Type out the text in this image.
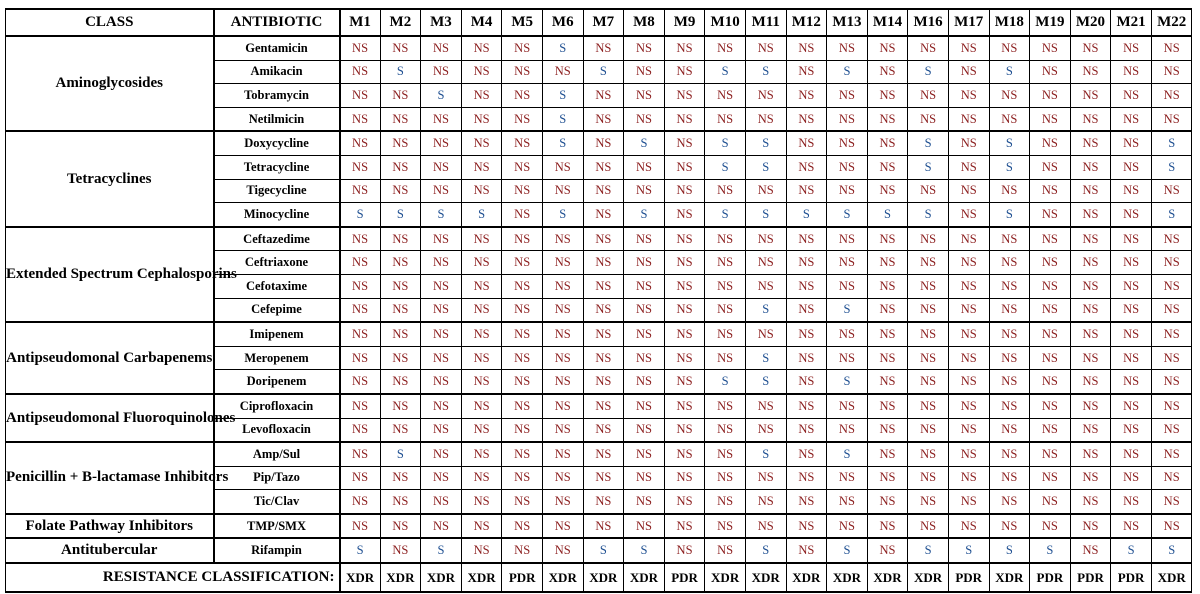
CLASS	ANTIBIOTIC	M1	M2	M3	M4	M5	M6	M7	M8	M9	M10	M11	M12	M13	M14	M16	M17	M18	M19	M20	M21	M22
Aminoglycosides	Gentamicin	NS	NS	NS	NS	NS	S	NS	NS	NS	NS	NS	NS	NS	NS	NS	NS	NS	NS	NS	NS	NS
	Amikacin	NS	S	NS	NS	NS	NS	S	NS	NS	S	S	NS	S	NS	S	NS	S	NS	NS	NS	NS
	Tobramycin	NS	NS	S	NS	NS	S	NS	NS	NS	NS	NS	NS	NS	NS	NS	NS	NS	NS	NS	NS	NS
	Netilmicin	NS	NS	NS	NS	NS	S	NS	NS	NS	NS	NS	NS	NS	NS	NS	NS	NS	NS	NS	NS	NS
Tetracyclines	Doxycycline	NS	NS	NS	NS	NS	S	NS	S	NS	S	S	NS	NS	NS	S	NS	S	NS	NS	NS	S
	Tetracycline	NS	NS	NS	NS	NS	NS	NS	NS	NS	S	S	NS	NS	NS	S	NS	S	NS	NS	NS	S
	Tigecycline	NS	NS	NS	NS	NS	NS	NS	NS	NS	NS	NS	NS	NS	NS	NS	NS	NS	NS	NS	NS	NS
	Minocycline	S	S	S	S	NS	S	NS	S	NS	S	S	S	S	S	S	NS	S	NS	NS	NS	S
Extended Spectrum Cephalosporins	Ceftazedime	NS	NS	NS	NS	NS	NS	NS	NS	NS	NS	NS	NS	NS	NS	NS	NS	NS	NS	NS	NS	NS
	Ceftriaxone	NS	NS	NS	NS	NS	NS	NS	NS	NS	NS	NS	NS	NS	NS	NS	NS	NS	NS	NS	NS	NS
	Cefotaxime	NS	NS	NS	NS	NS	NS	NS	NS	NS	NS	NS	NS	NS	NS	NS	NS	NS	NS	NS	NS	NS
	Cefepime	NS	NS	NS	NS	NS	NS	NS	NS	NS	NS	S	NS	S	NS	NS	NS	NS	NS	NS	NS	NS
Antipseudomonal Carbapenems	Imipenem	NS	NS	NS	NS	NS	NS	NS	NS	NS	NS	NS	NS	NS	NS	NS	NS	NS	NS	NS	NS	NS
	Meropenem	NS	NS	NS	NS	NS	NS	NS	NS	NS	NS	S	NS	NS	NS	NS	NS	NS	NS	NS	NS	NS
	Doripenem	NS	NS	NS	NS	NS	NS	NS	NS	NS	S	S	NS	S	NS	NS	NS	NS	NS	NS	NS	NS
Antipseudomonal Fluoroquinolones	Ciprofloxacin	NS	NS	NS	NS	NS	NS	NS	NS	NS	NS	NS	NS	NS	NS	NS	NS	NS	NS	NS	NS	NS
	Levofloxacin	NS	NS	NS	NS	NS	NS	NS	NS	NS	NS	NS	NS	NS	NS	NS	NS	NS	NS	NS	NS	NS
Penicillin + B-lactamase Inhibitors	Amp/Sul	NS	S	NS	NS	NS	NS	NS	NS	NS	NS	S	NS	S	NS	NS	NS	NS	NS	NS	NS	NS
	Pip/Tazo	NS	NS	NS	NS	NS	NS	NS	NS	NS	NS	NS	NS	NS	NS	NS	NS	NS	NS	NS	NS	NS
	Tic/Clav	NS	NS	NS	NS	NS	NS	NS	NS	NS	NS	NS	NS	NS	NS	NS	NS	NS	NS	NS	NS	NS
Folate Pathway Inhibitors	TMP/SMX	NS	NS	NS	NS	NS	NS	NS	NS	NS	NS	NS	NS	NS	NS	NS	NS	NS	NS	NS	NS	NS
Antitubercular	Rifampin	S	NS	S	NS	NS	NS	S	S	NS	NS	S	NS	S	NS	S	S	S	S	NS	S	S
RESISTANCE CLASSIFICATION:		XDR	XDR	XDR	XDR	PDR	XDR	XDR	XDR	PDR	XDR	XDR	XDR	XDR	XDR	XDR	PDR	XDR	PDR	PDR	PDR	XDR
